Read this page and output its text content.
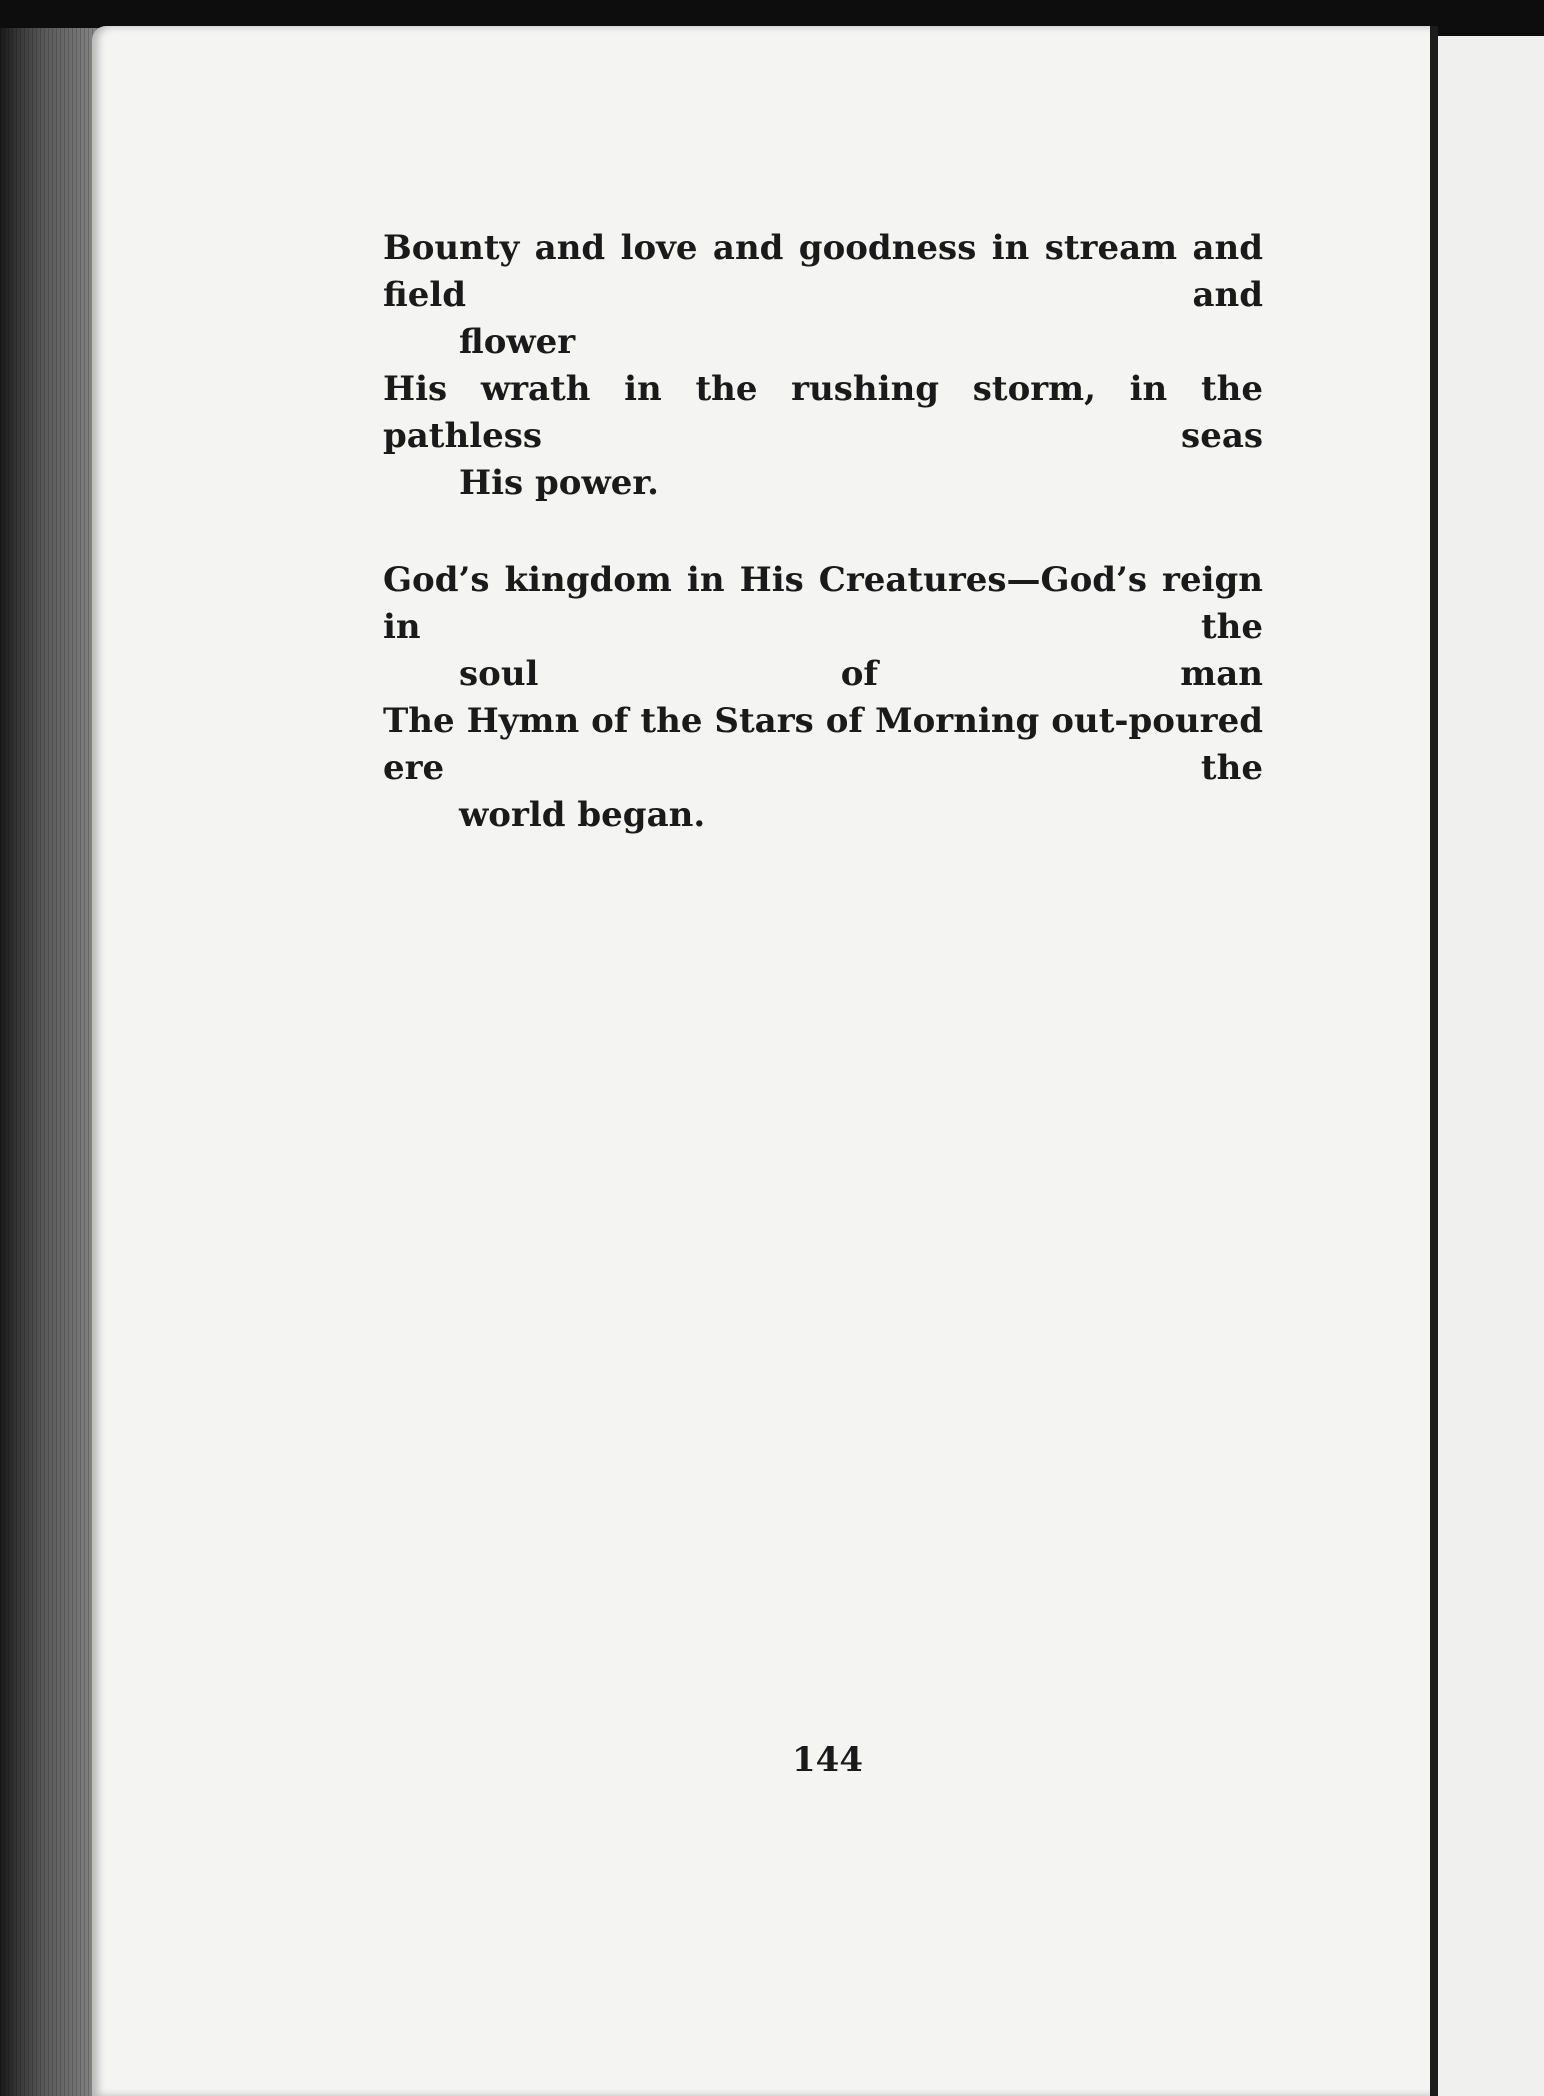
Bounty and love and goodness in stream and field and
flower
His wrath in the rushing storm, in the pathless seas
His power.
God’s kingdom in His Creatures—God’s reign in the
soul of man
The Hymn of the Stars of Morning out-poured ere the
world began.
144
